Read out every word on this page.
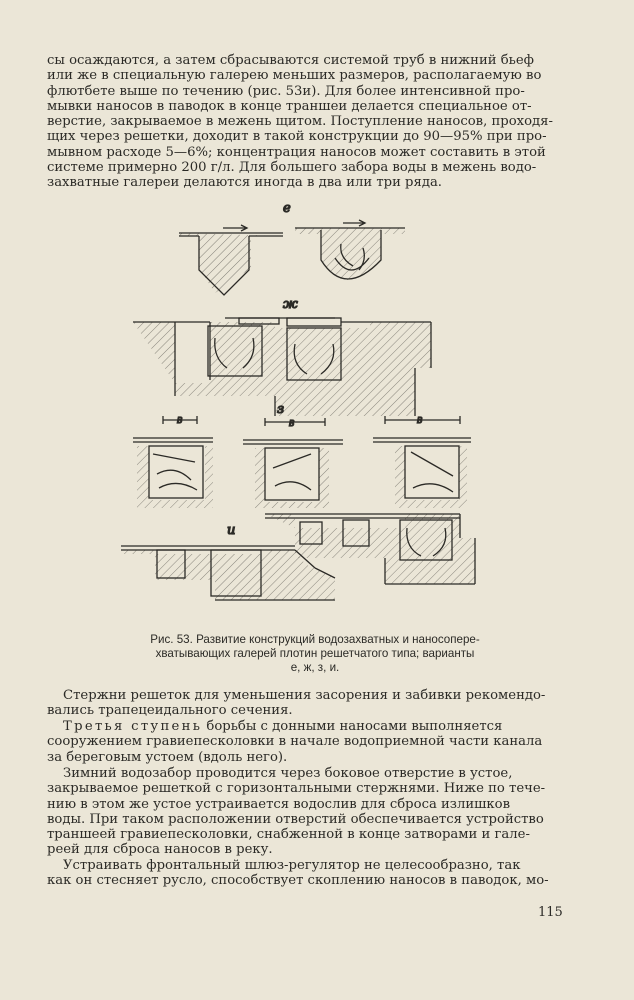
сы осаждаются, а затем сбрасываются системой труб в нижний бьеф
или же в специальную галерею меньших размеров, располагаемую во
флютбете выше по течению (рис. 53и). Для более интенсивной про-
мывки наносов в паводок в конце траншеи делается специальное от-
верстие, закрываемое в межень щитом. Поступление наносов, проходя-
щих через решетки, доходит в такой конструкции до 90—95% при про-
мывном расходе 5—6%; концентрация наносов может составить в этой
системе примерно 200 г/л. Для большего забора воды в межень водо-
захватные галереи делаются иногда в два или три ряда.
е
ж
з
В	В	В
и
Рис. 53. Развитие конструкций водозахватных и наносопере-
хватывающих галерей плотин решетчатого типа; варианты
е, ж, з, и.
Стержни решеток для уменьшения засорения и забивки рекомендо-
вались трапецеидального сечения.
Третья ступень борьбы с донными наносами выполняется
сооружением гравиепесколовки в начале водоприемной части канала
за береговым устоем (вдоль него).
Зимний водозабор проводится через боковое отверстие в устое,
закрываемое решеткой с горизонтальными стержнями. Ниже по тече-
нию в этом же устое устраивается водослив для сброса излишков
воды. При таком расположении отверстий обеспечивается устройство
траншеей гравиепесколовки, снабженной в конце затворами и гале-
реей для сброса наносов в реку.
Устраивать фронтальный шлюз-регулятор не целесообразно, так
как он стесняет русло, способствует скоплению наносов в паводок, мо-
115
